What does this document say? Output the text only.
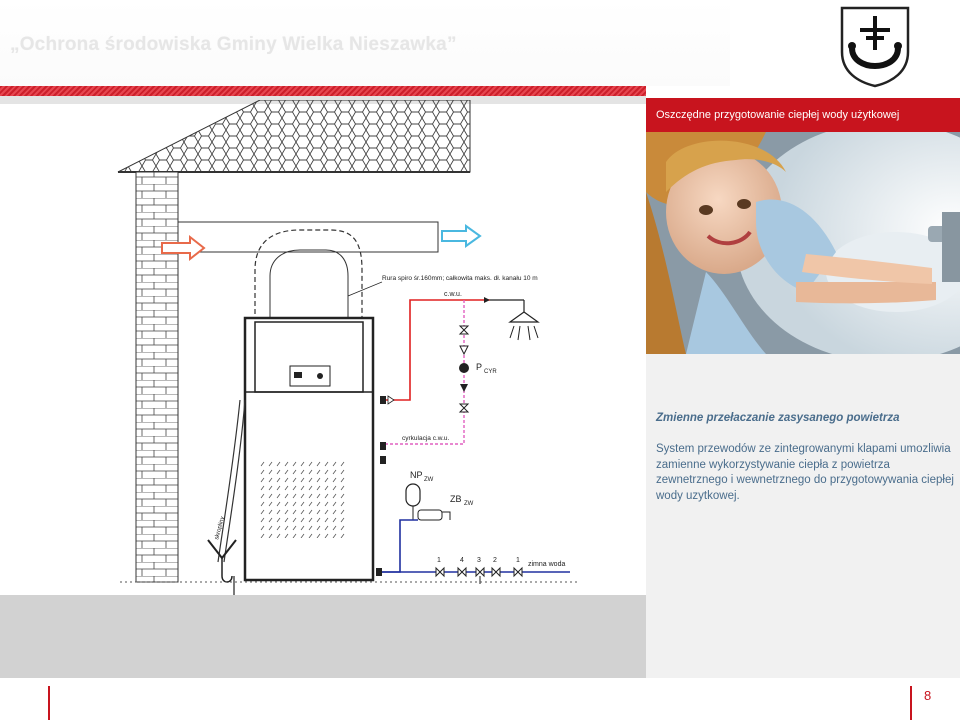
„Ochrona środowiska Gminy Wielka Nieszawka”
Oszczędne przygotowanie ciepłej wody użytkowej
Zmienne przełaczanie zasysanego powietrza
System przewodów ze zintegrowanymi klapami umozliwia zamienne wykorzystywanie ciepła z powietrza zewnetrznego i wewnetrznego do przygotowywania ciepłej wody uzytkowej.
Rura spiro śr.160mm; całkowita maks. dł. kanału 10 m
skropliny
c.w.u.
cyrkulacja c.w.u.
P CYR
NP ZW
ZB ZW
zimna woda
1	4 3 2	1
8
